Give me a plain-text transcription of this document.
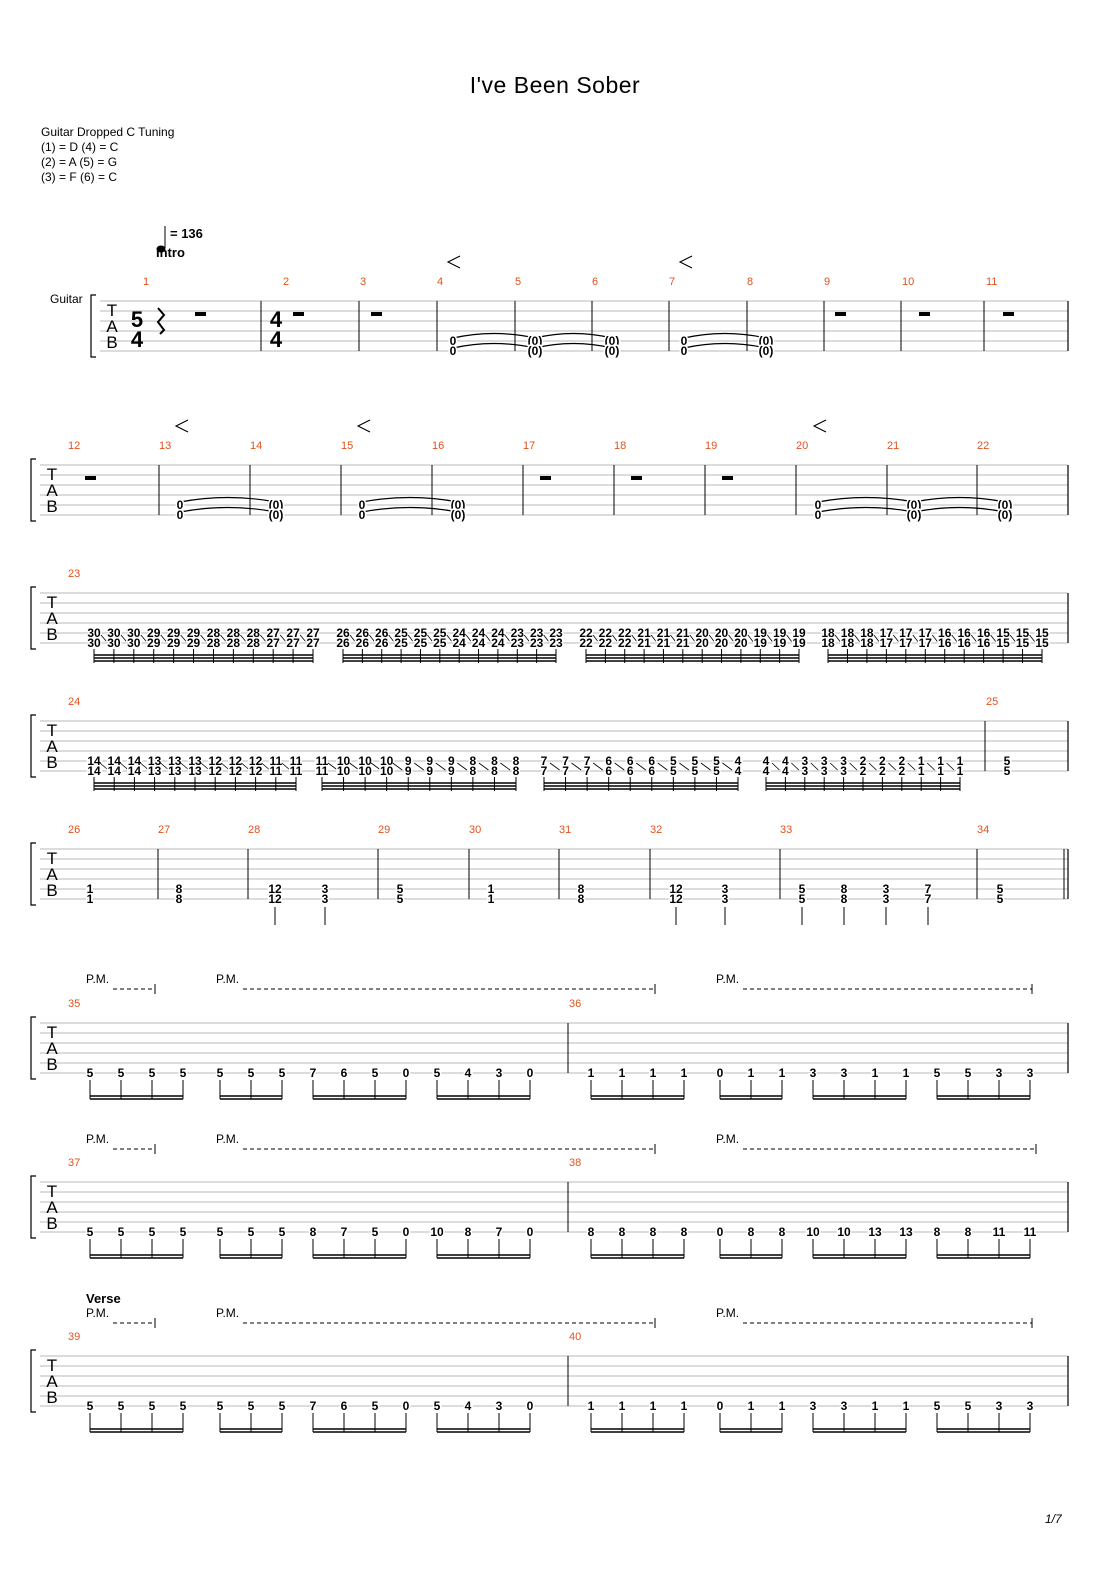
I've Been Sober
Guitar Dropped C Tuning
(1) = D (4) = C
(2) = A (5) = G
(3) = F (6) = C
1/7
T
A
B
= 136
Intro
Guitar
5
4
4
4
1	2	3	4	5	6	7	8	9	10	11
0
0
0
0
(0)
(0)
(0)
(0)
(0)
(0)
T
A
B
12	13	14	15	16	17	18	19	20	21	22
0
0
0
0
0
0
(0)
(0)
(0)
(0)
(0)
(0)
(0)
(0)
T
A
B
23
30
30
30
30
30
30
29
29
29
29
29
29
28
28
28
28
28
28
27
27
27
27
27
27
26
26
26
26
26
26
25
25
25
25
25
25
24
24
24
24
24
24
23
23
23
23
23
23
22
22
22
22
22
22
21
21
21
21
21
21
20
20
20
20
20
20
19
19
19
19
19
19
18
18
18
18
18
18
17
17
17
17
17
17
16
16
16
16
16
16
15
15
15
15
15
15
T
A
B
24	25
14
14
14
14
14
14
13
13
13
13
13
13
12
12
12
12
12
12
11
11
11
11
11
11
10
10
10
10
10
10
9
9
9
9
9
9
8
8
8
8
8
8
7
7
7
7
7
7
6
6
6
6
6
6
5
5
5
5
5
5
4
4
4
4
4
4
3
3
3
3
3
3
2
2
2
2
2
2
1
1
1
1
1
1
5
5
T
A
B
26	27	28	29	30	31	32	33	34
1
1
8
8
12
12
3
3
5
5
1
1
8
8
12
12
3
3
5
5
8
8
3
3
7
7
5
5
T
A
B
35	36
5 5 5 5	5 5 5 7 6 5 0 5 4 3 0	1 1 1 1 0 1 1 3 3 1 1 5 5 3 3
P.M.	P.M.	P.M.
T
A
B
37	38
5 5 5 5	5 5 5 8 7 5 0 10 8 7 0	8 8 8 8 0 8 8 10 10 13 13 8 8 11 11
P.M.	P.M.	P.M.
Verse
T
A
B
39	40
5 5 5 5	5 5 5 7 6 5 0 5 4 3 0	1 1 1 1 0 1 1 3 3 1 1 5 5 3 3
P.M.	P.M.	P.M.
